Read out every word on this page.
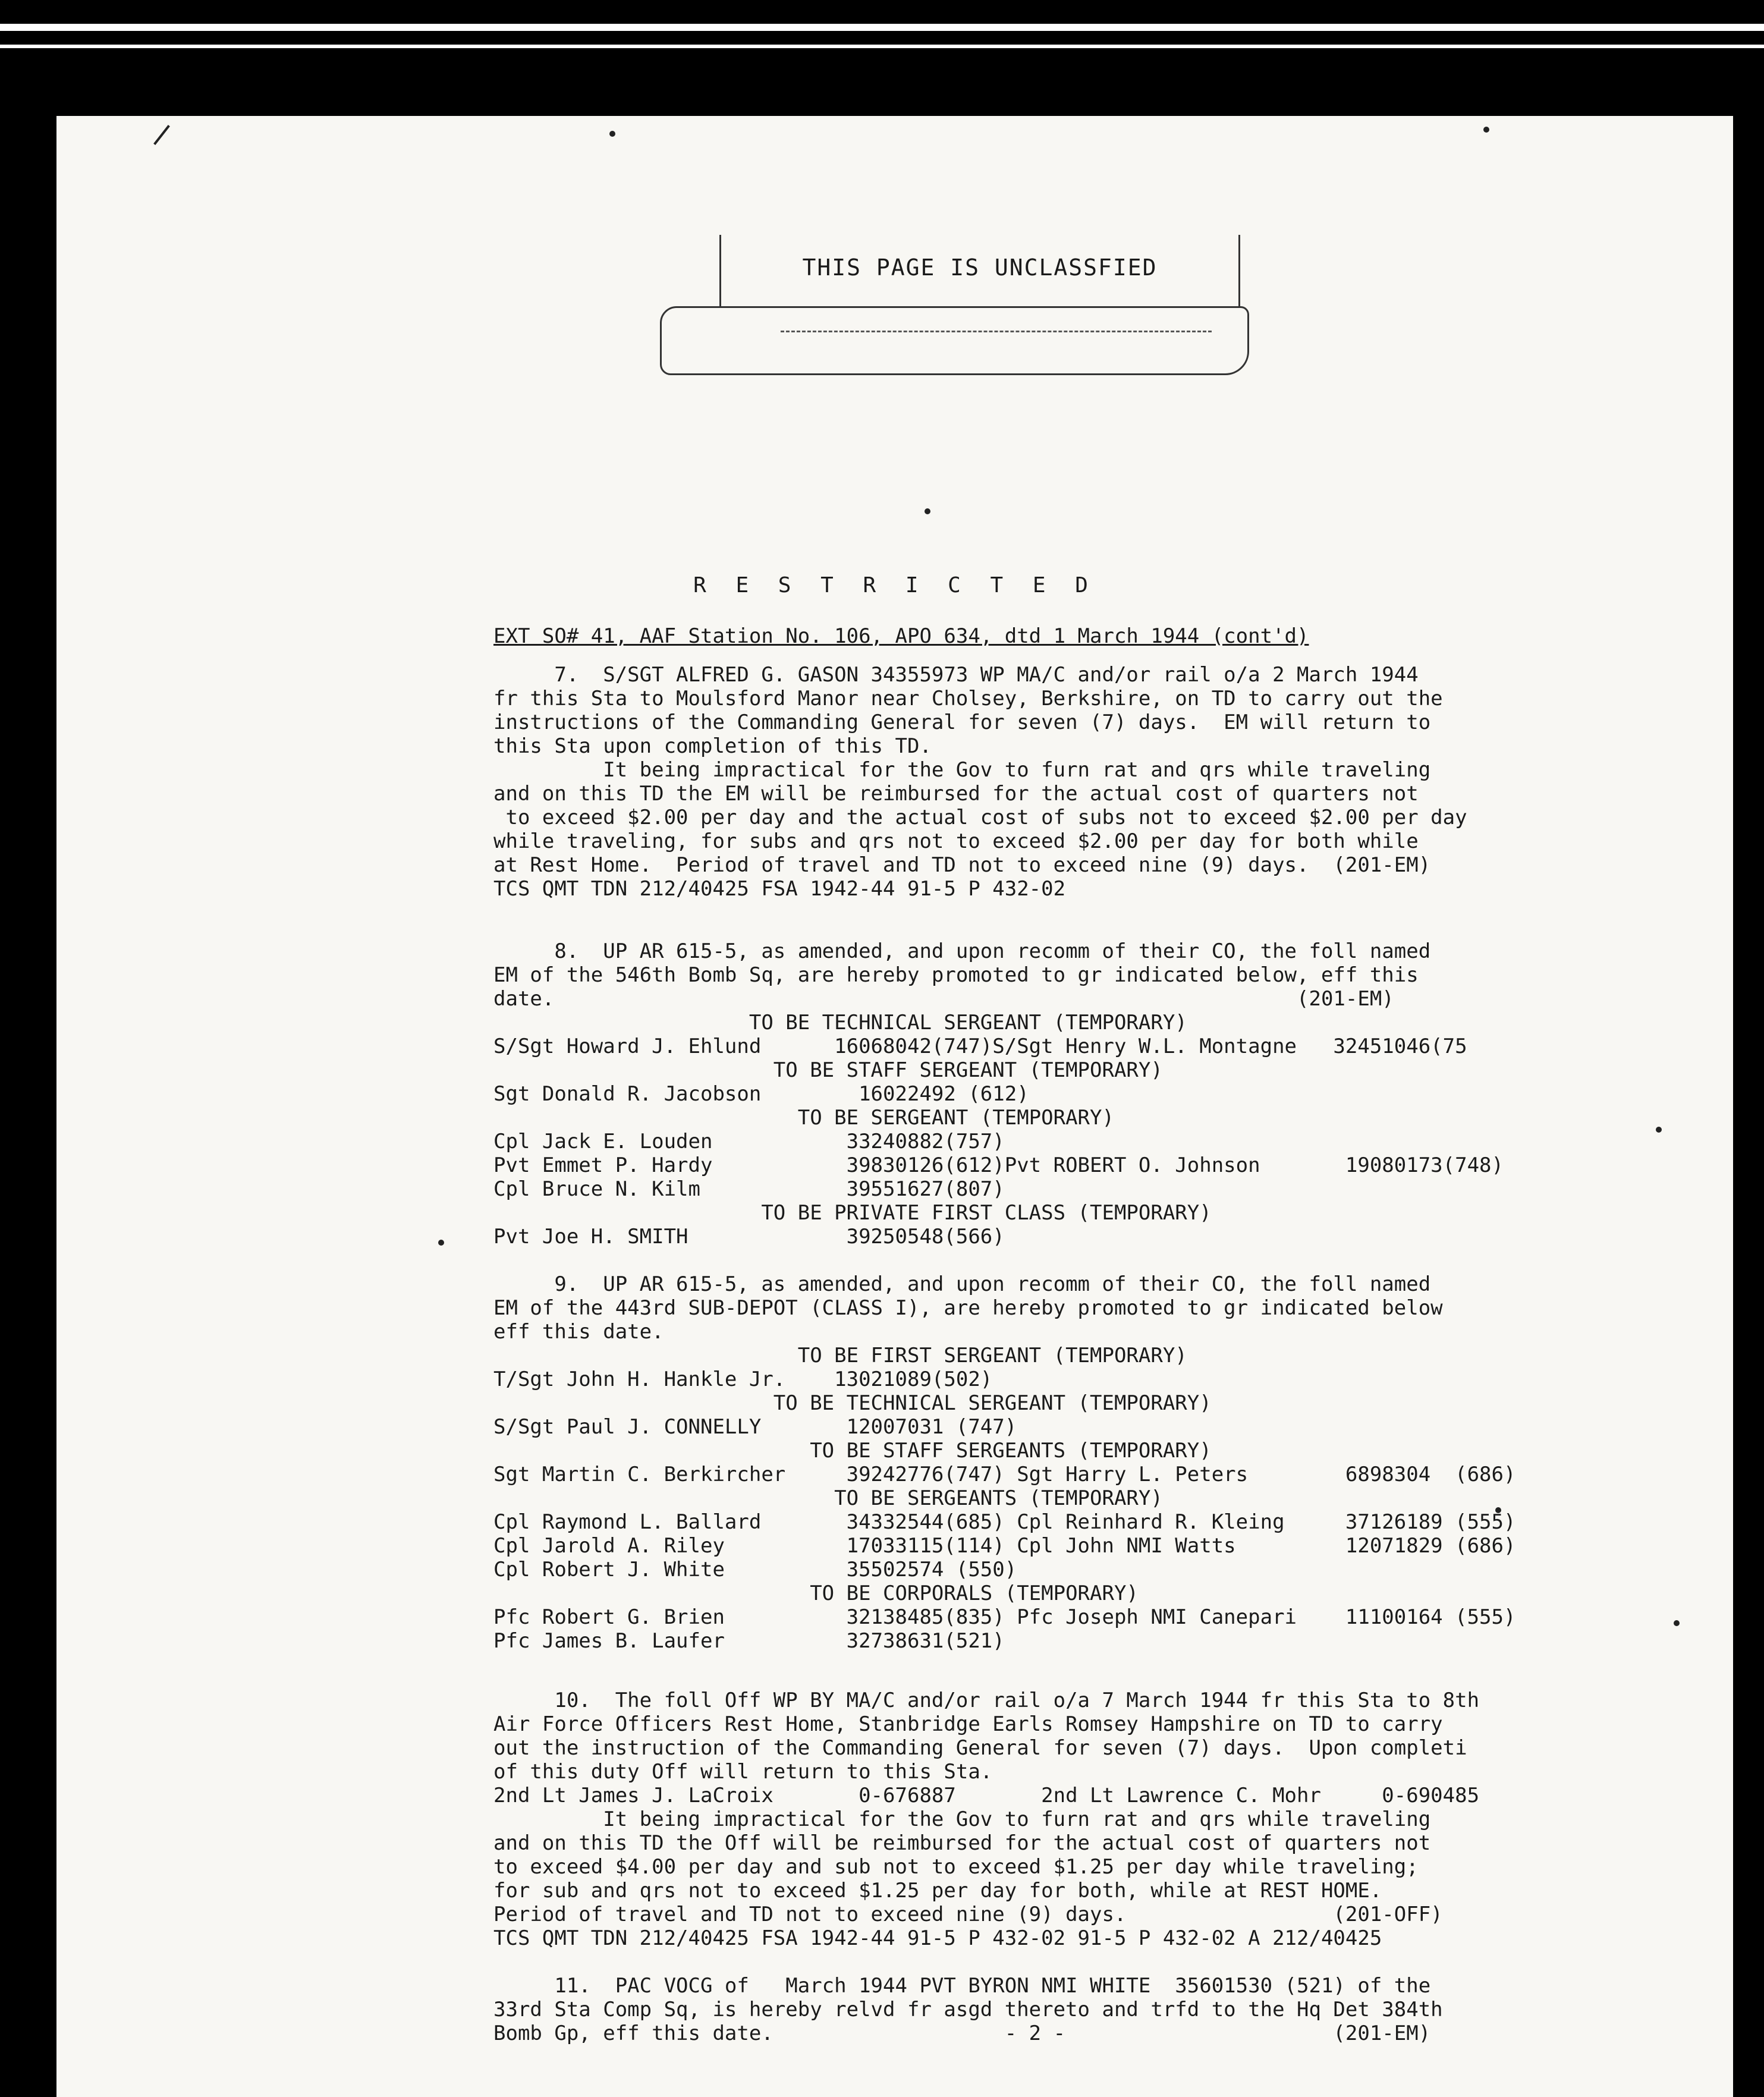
THIS PAGE IS UNCLASSFIED
R E S T R I C T E D
EXT SO# 41, AAF Station No. 106, APO 634, dtd 1 March 1944 (cont'd)
7.  S/SGT ALFRED G. GASON 34355973 WP MA/C and/or rail o/a 2 March 1944
fr this Sta to Moulsford Manor near Cholsey, Berkshire, on TD to carry out the
instructions of the Commanding General for seven (7) days.  EM will return to
this Sta upon completion of this TD.
It being impractical for the Gov to furn rat and qrs while traveling
and on this TD the EM will be reimbursed for the actual cost of quarters not
to exceed $2.00 per day and the actual cost of subs not to exceed $2.00 per day
while traveling, for subs and qrs not to exceed $2.00 per day for both while
at Rest Home.  Period of travel and TD not to exceed nine (9) days.  (201-EM)
TCS QMT TDN 212/40425 FSA 1942-44 91-5 P 432-02
8.  UP AR 615-5, as amended, and upon recomm of their CO, the foll named
EM of the 546th Bomb Sq, are hereby promoted to gr indicated below, eff this
date.                                                             (201-EM)
TO BE TECHNICAL SERGEANT (TEMPORARY)
S/Sgt Howard J. Ehlund      16068042(747)S/Sgt Henry W.L. Montagne   32451046(75
TO BE STAFF SERGEANT (TEMPORARY)
Sgt Donald R. Jacobson        16022492 (612)
TO BE SERGEANT (TEMPORARY)
Cpl Jack E. Louden           33240882(757)
Pvt Emmet P. Hardy           39830126(612)Pvt ROBERT O. Johnson       19080173(748)
Cpl Bruce N. Kilm            39551627(807)
TO BE PRIVATE FIRST CLASS (TEMPORARY)
Pvt Joe H. SMITH             39250548(566)
9.  UP AR 615-5, as amended, and upon recomm of their CO, the foll named
EM of the 443rd SUB-DEPOT (CLASS I), are hereby promoted to gr indicated below
eff this date.
TO BE FIRST SERGEANT (TEMPORARY)
T/Sgt John H. Hankle Jr.    13021089(502)
TO BE TECHNICAL SERGEANT (TEMPORARY)
S/Sgt Paul J. CONNELLY       12007031 (747)
TO BE STAFF SERGEANTS (TEMPORARY)
Sgt Martin C. Berkircher     39242776(747) Sgt Harry L. Peters        6898304  (686)
TO BE SERGEANTS (TEMPORARY)
Cpl Raymond L. Ballard       34332544(685) Cpl Reinhard R. Kleing     37126189 (555)
Cpl Jarold A. Riley          17033115(114) Cpl John NMI Watts         12071829 (686)
Cpl Robert J. White          35502574 (550)
TO BE CORPORALS (TEMPORARY)
Pfc Robert G. Brien          32138485(835) Pfc Joseph NMI Canepari    11100164 (555)
Pfc James B. Laufer          32738631(521)
10.  The foll Off WP BY MA/C and/or rail o/a 7 March 1944 fr this Sta to 8th
Air Force Officers Rest Home, Stanbridge Earls Romsey Hampshire on TD to carry
out the instruction of the Commanding General for seven (7) days.  Upon completi
of this duty Off will return to this Sta.
2nd Lt James J. LaCroix       0-676887       2nd Lt Lawrence C. Mohr     0-690485
It being impractical for the Gov to furn rat and qrs while traveling
and on this TD the Off will be reimbursed for the actual cost of quarters not
to exceed $4.00 per day and sub not to exceed $1.25 per day while traveling;
for sub and qrs not to exceed $1.25 per day for both, while at REST HOME.
Period of travel and TD not to exceed nine (9) days.                 (201-OFF)
TCS QMT TDN 212/40425 FSA 1942-44 91-5 P 432-02 91-5 P 432-02 A 212/40425
11.  PAC VOCG of   March 1944 PVT BYRON NMI WHITE  35601530 (521) of the
33rd Sta Comp Sq, is hereby relvd fr asgd thereto and trfd to the Hq Det 384th
Bomb Gp, eff this date.                   - 2 -                      (201-EM)
